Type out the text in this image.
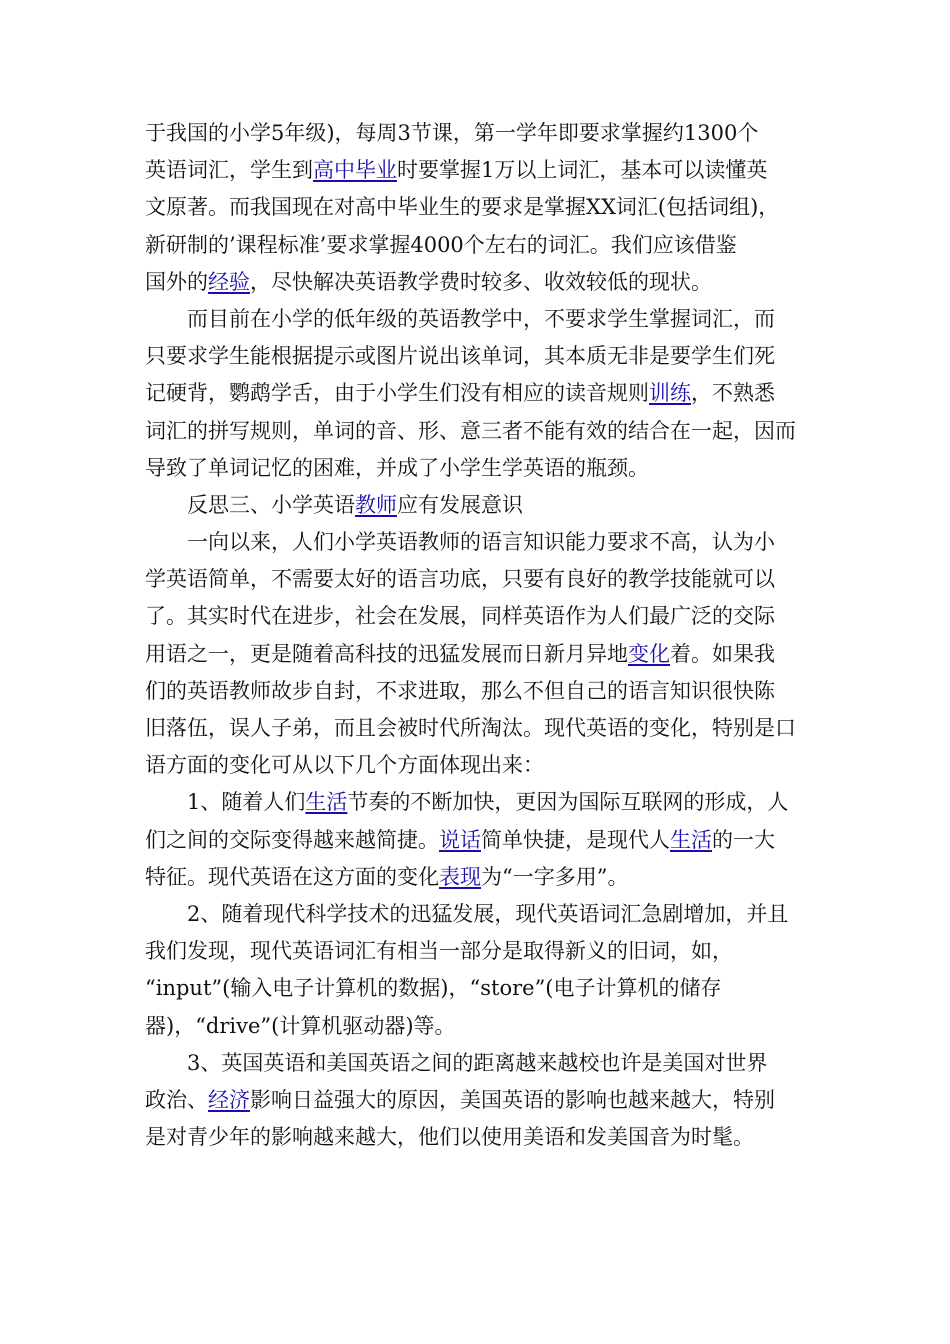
于我国的小学5年级)，每周3节课，第一学年即要求掌握约1300个
英语词汇，学生到高中毕业时要掌握1万以上词汇，基本可以读懂英
文原著。而我国现在对高中毕业生的要求是掌握XX词汇(包括词组)，
新研制的’课程标准’要求掌握4000个左右的词汇。我们应该借鉴
国外的经验，尽快解决英语教学费时较多、收效较低的现状。
而目前在小学的低年级的英语教学中，不要求学生掌握词汇，而
只要求学生能根据提示或图片说出该单词，其本质无非是要学生们死
记硬背，鹦鹉学舌，由于小学生们没有相应的读音规则训练，不熟悉
词汇的拼写规则，单词的音、形、意三者不能有效的结合在一起，因而
导致了单词记忆的困难，并成了小学生学英语的瓶颈。
反思三、小学英语教师应有发展意识
一向以来，人们小学英语教师的语言知识能力要求不高，认为小
学英语简单，不需要太好的语言功底，只要有良好的教学技能就可以
了。其实时代在进步，社会在发展，同样英语作为人们最广泛的交际
用语之一，更是随着高科技的迅猛发展而日新月异地变化着。如果我
们的英语教师故步自封，不求进取，那么不但自己的语言知识很快陈
旧落伍，误人子弟，而且会被时代所淘汰。现代英语的变化，特别是口
语方面的变化可从以下几个方面体现出来：
1、随着人们生活节奏的不断加快，更因为国际互联网的形成，人
们之间的交际变得越来越简捷。说话简单快捷，是现代人生活的一大
特征。现代英语在这方面的变化表现为“一字多用”。
2、随着现代科学技术的迅猛发展，现代英语词汇急剧增加，并且
我们发现，现代英语词汇有相当一部分是取得新义的旧词，如，
“input”(输入电子计算机的数据)，“store”(电子计算机的储存
器)，“drive”(计算机驱动器)等。
3、英国英语和美国英语之间的距离越来越校也许是美国对世界
政治、经济影响日益强大的原因，美国英语的影响也越来越大，特别
是对青少年的影响越来越大，他们以使用美语和发美国音为时髦。
